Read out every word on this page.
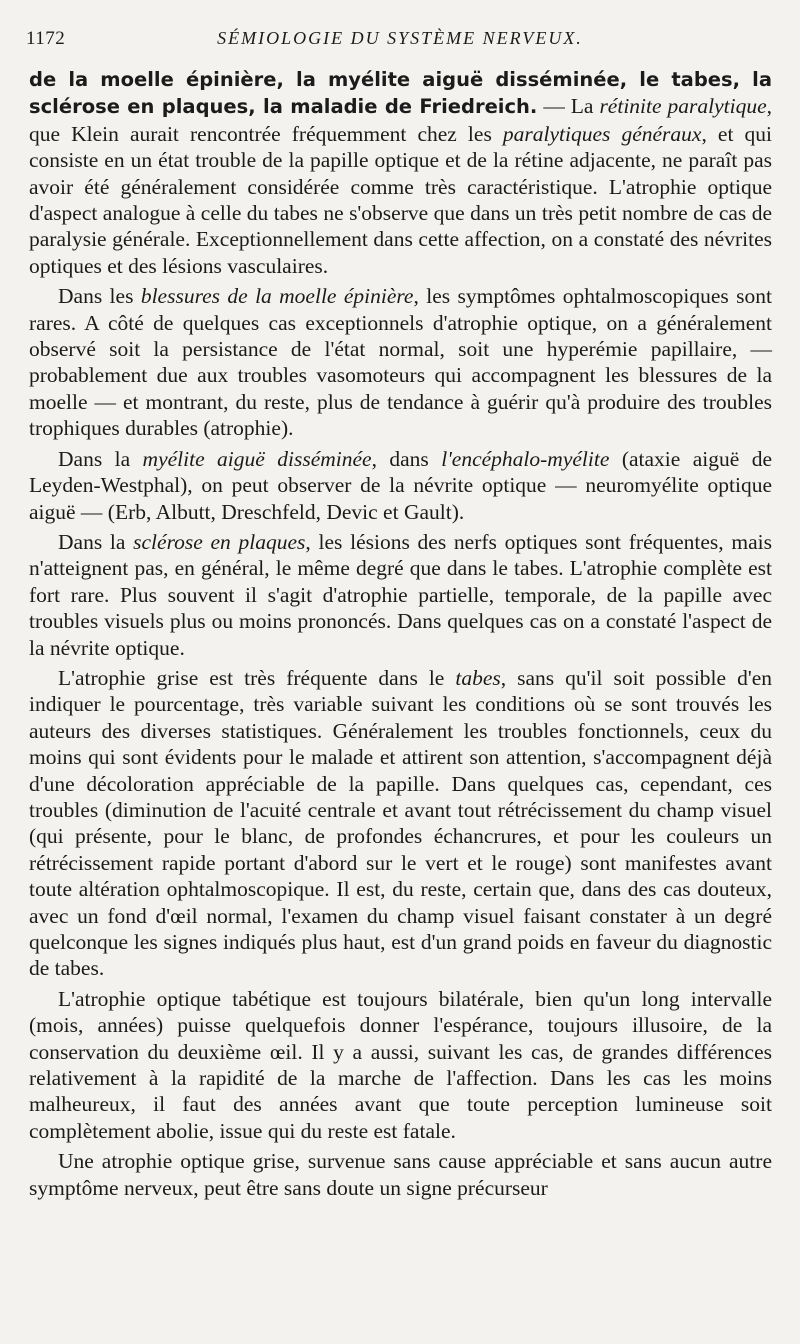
1172	SÉMIOLOGIE DU SYSTÈME NERVEUX.

de la moelle épinière, la myélite aiguë disséminée, le tabes, la sclérose en plaques, la maladie de Friedreich. — La rétinite paralytique, que Klein aurait rencontrée fréquemment chez les paralytiques généraux, et qui consiste en un état trouble de la papille optique et de la rétine adjacente, ne paraît pas avoir été généralement considérée comme très caractéristique. L'atrophie optique d'aspect analogue à celle du tabes ne s'observe que dans un très petit nombre de cas de paralysie générale. Exceptionnellement dans cette affection, on a constaté des névrites optiques et des lésions vasculaires.

Dans les blessures de la moelle épinière, les symptômes ophtalmoscopiques sont rares. A côté de quelques cas exceptionnels d'atrophie optique, on a généralement observé soit la persistance de l'état normal, soit une hyperémie papillaire, — probablement due aux troubles vasomoteurs qui accompagnent les blessures de la moelle — et montrant, du reste, plus de tendance à guérir qu'à produire des troubles trophiques durables (atrophie).

Dans la myélite aiguë disséminée, dans l'encéphalo-myélite (ataxie aiguë de Leyden-Westphal), on peut observer de la névrite optique — neuromyélite optique aiguë — (Erb, Albutt, Dreschfeld, Devic et Gault).

Dans la sclérose en plaques, les lésions des nerfs optiques sont fréquentes, mais n'atteignent pas, en général, le même degré que dans le tabes. L'atrophie complète est fort rare. Plus souvent il s'agit d'atrophie partielle, temporale, de la papille avec troubles visuels plus ou moins prononcés. Dans quelques cas on a constaté l'aspect de la névrite optique.

L'atrophie grise est très fréquente dans le tabes, sans qu'il soit possible d'en indiquer le pourcentage, très variable suivant les conditions où se sont trouvés les auteurs des diverses statistiques. Généralement les troubles fonctionnels, ceux du moins qui sont évidents pour le malade et attirent son attention, s'accompagnent déjà d'une décoloration appréciable de la papille. Dans quelques cas, cependant, ces troubles (diminution de l'acuité centrale et avant tout rétrécissement du champ visuel (qui présente, pour le blanc, de profondes échancrures, et pour les couleurs un rétrécissement rapide portant d'abord sur le vert et le rouge) sont manifestes avant toute altération ophtalmoscopique. Il est, du reste, certain que, dans des cas douteux, avec un fond d'œil normal, l'examen du champ visuel faisant constater à un degré quelconque les signes indiqués plus haut, est d'un grand poids en faveur du diagnostic de tabes.

L'atrophie optique tabétique est toujours bilatérale, bien qu'un long intervalle (mois, années) puisse quelquefois donner l'espérance, toujours illusoire, de la conservation du deuxième œil. Il y a aussi, suivant les cas, de grandes différences relativement à la rapidité de la marche de l'affection. Dans les cas les moins malheureux, il faut des années avant que toute perception lumineuse soit complètement abolie, issue qui du reste est fatale.

Une atrophie optique grise, survenue sans cause appréciable et sans aucun autre symptôme nerveux, peut être sans doute un signe précurseur
